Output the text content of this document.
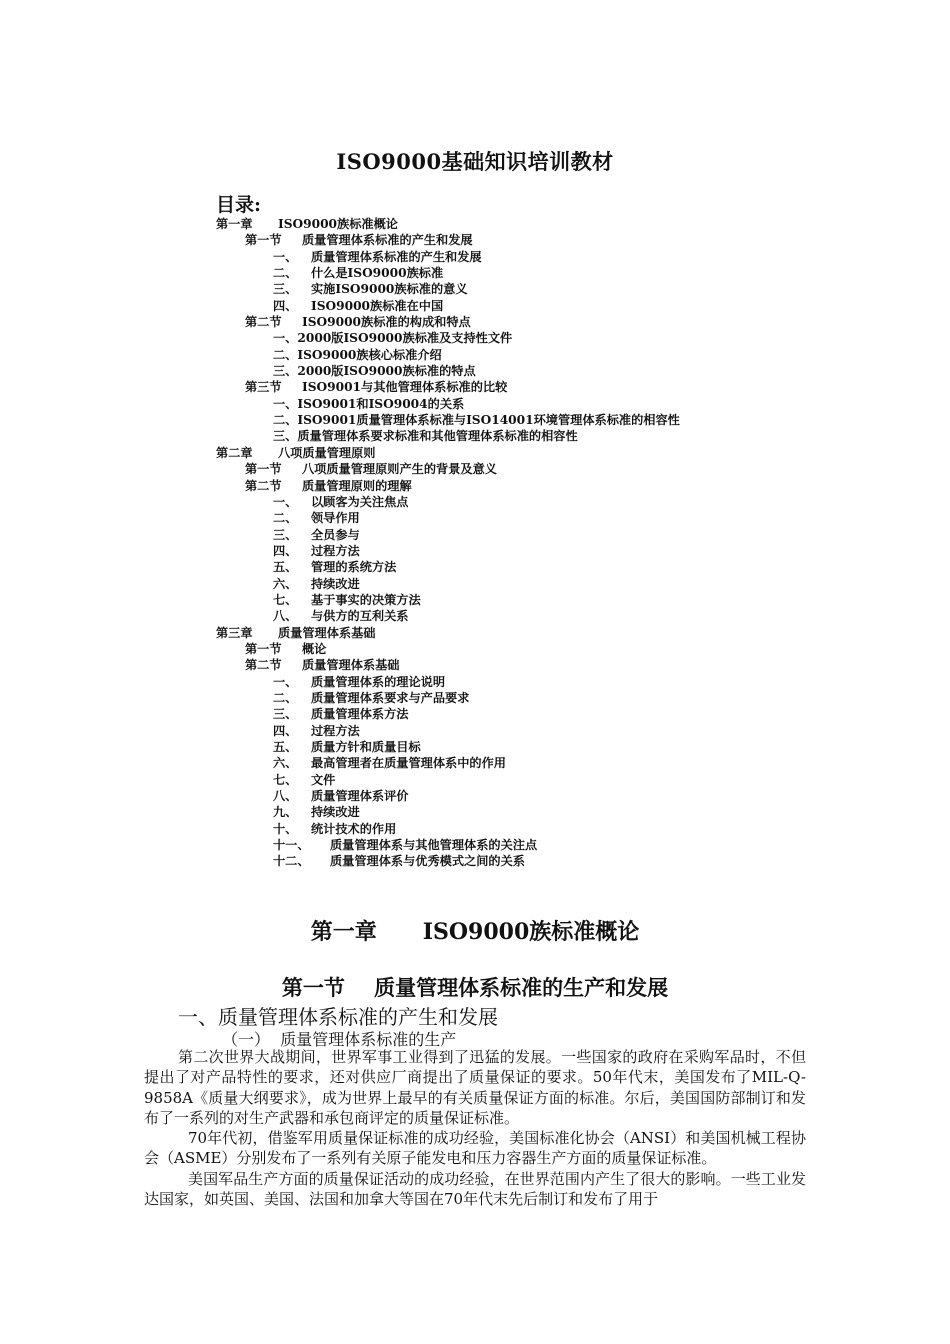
ISO9000基础知识培训教材
目录:
第一章 ISO9000族标准概论
第一节 质量管理体系标准的产生和发展
一、 质量管理体系标准的产生和发展
二、 什么是ISO9000族标准
三、 实施ISO9000族标准的意义
四、 ISO9000族标准在中国
第二节 ISO9000族标准的构成和特点
一、2000版ISO9000族标准及支持性文件
二、ISO9000族核心标准介绍
三、2000版ISO9000族标准的特点
第三节 ISO9001与其他管理体系标准的比较
一、ISO9001和ISO9004的关系
二、ISO9001质量管理体系标准与ISO14001环境管理体系标准的相容性
三、质量管理体系要求标准和其他管理体系标准的相容性
第二章 八项质量管理原则
第一节 八项质量管理原则产生的背景及意义
第二节 质量管理原则的理解
一、 以顾客为关注焦点
二、 领导作用
三、 全员参与
四、 过程方法
五、 管理的系统方法
六、 持续改进
七、 基于事实的决策方法
八、 与供方的互利关系
第三章 质量管理体系基础
第一节 概论
第二节 质量管理体系基础
一、 质量管理体系的理论说明
二、 质量管理体系要求与产品要求
三、 质量管理体系方法
四、 过程方法
五、 质量方针和质量目标
六、 最高管理者在质量管理体系中的作用
七、 文件
八、 质量管理体系评价
九、 持续改进
十、 统计技术的作用
十一、 质量管理体系与其他管理体系的关注点
十二、 质量管理体系与优秀模式之间的关系
第一章 ISO9000族标准概论
第一节 质量管理体系标准的生产和发展
一、质量管理体系标准的产生和发展
（一） 质量管理体系标准的生产

第二次世界大战期间，世界军事工业得到了迅猛的发展。一些国家的政府在采购军品时，不但提出了对产品特性的要求，还对供应厂商提出了质量保证的要求。50年代末，美国发布了MIL-Q-9858A《质量大纲要求》，成为世界上最早的有关质量保证方面的标准。尔后，美国国防部制订和发布了一系列的对生产武器和承包商评定的质量保证标准。

70年代初，借鉴军用质量保证标准的成功经验，美国标准化协会（ANSI）和美国机械工程协会（ASME）分别发布了一系列有关原子能发电和压力容器生产方面的质量保证标准。

美国军品生产方面的质量保证活动的成功经验，在世界范围内产生了很大的影响。一些工业发达国家，如英国、美国、法国和加拿大等国在70年代末先后制订和发布了用于
